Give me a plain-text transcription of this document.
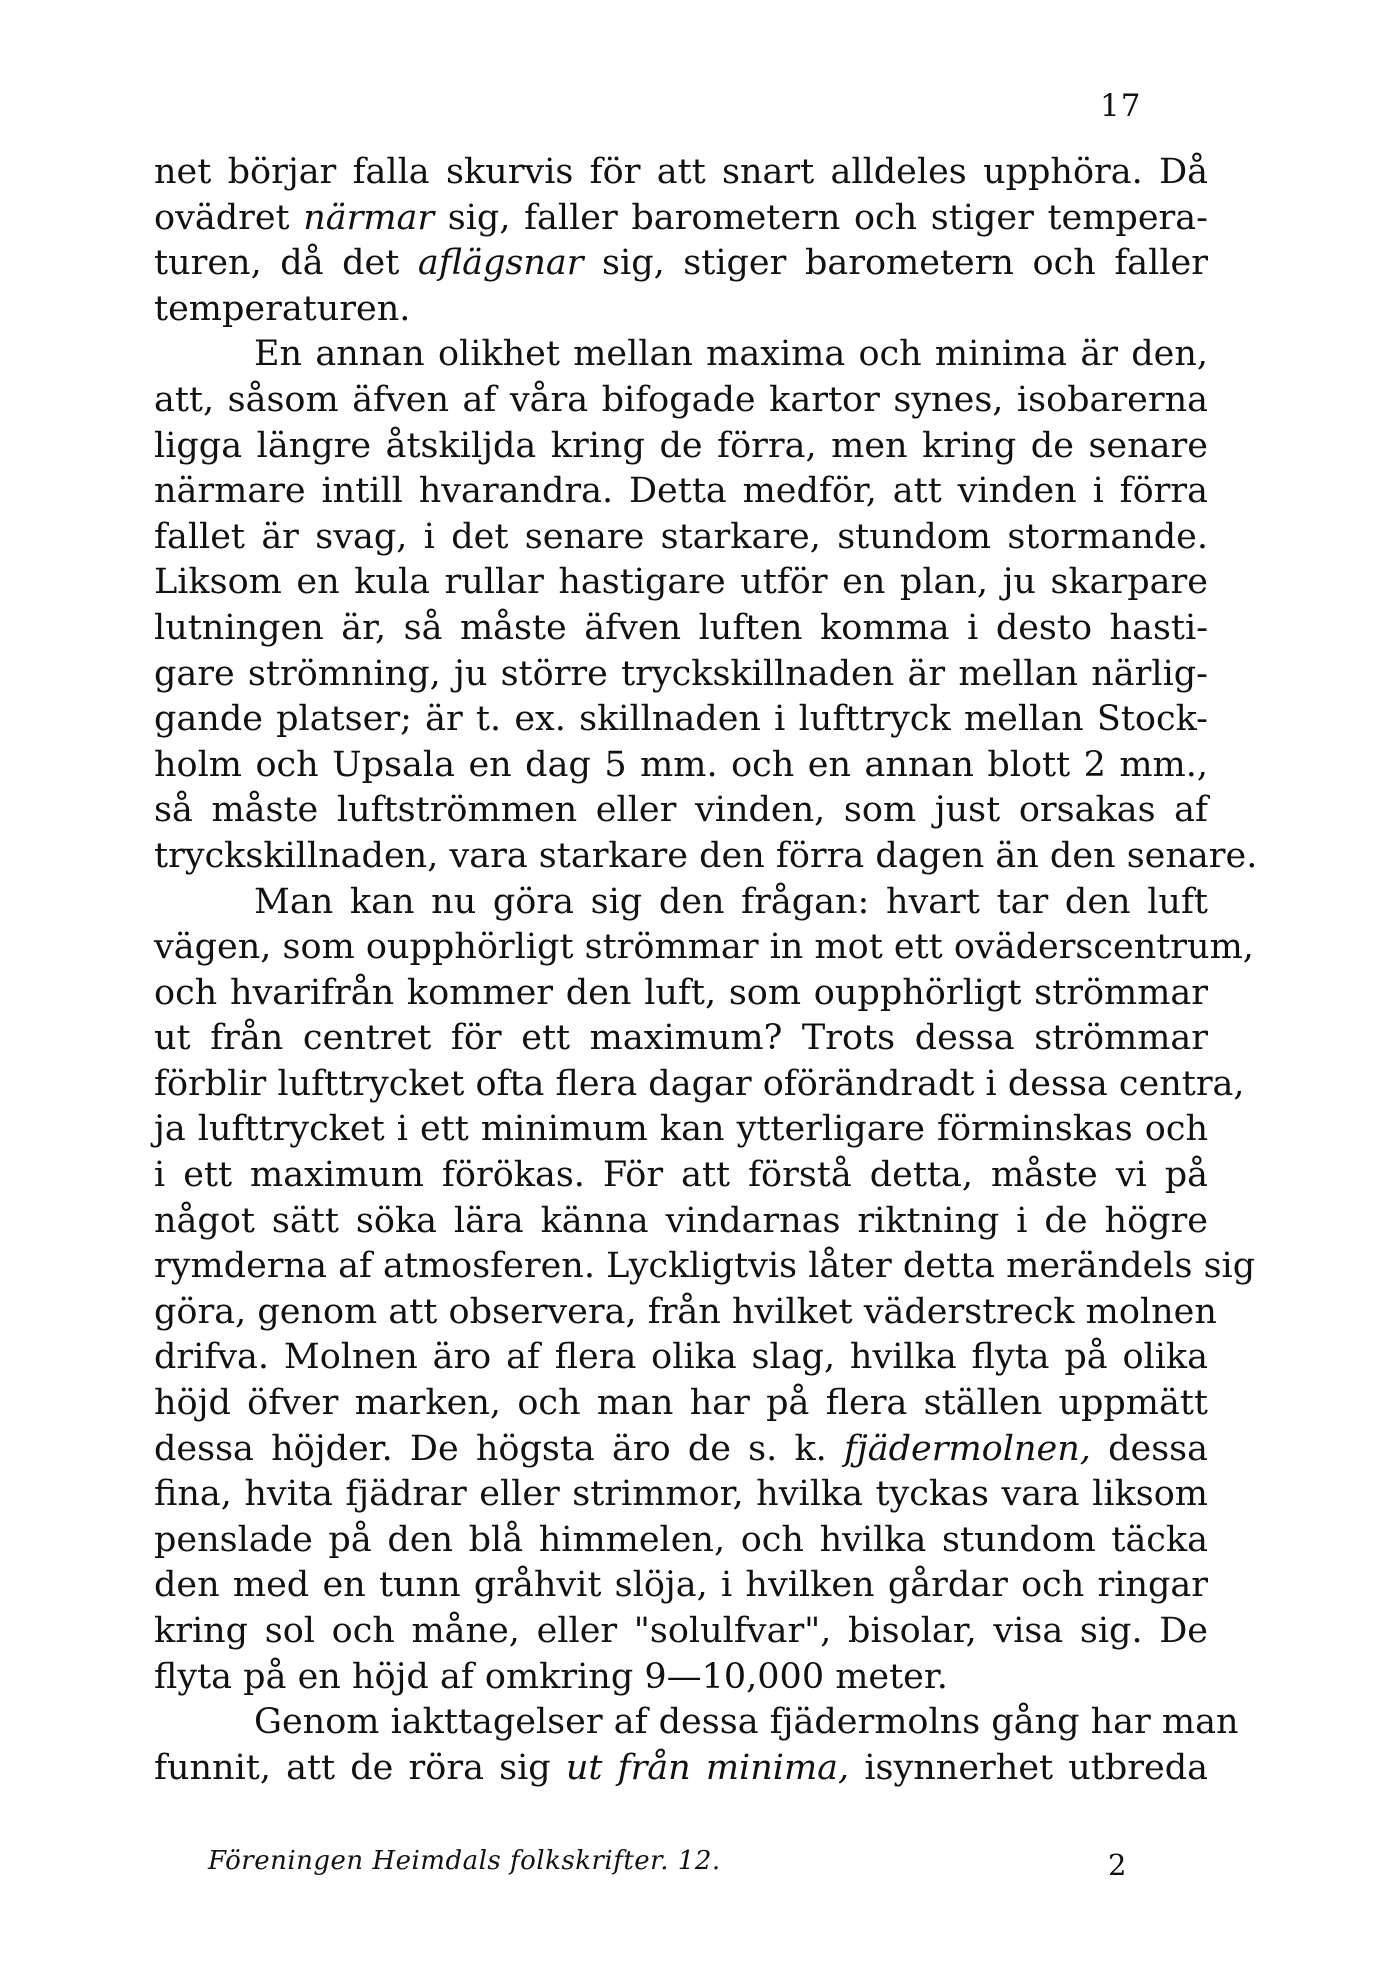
17
net börjar falla skurvis för att snart alldeles upphöra. Då
ovädret närmar sig, faller barometern och stiger tempera-
turen, då det aflägsnar sig, stiger barometern och faller
temperaturen.
En annan olikhet mellan maxima och minima är den,
att, såsom äfven af våra bifogade kartor synes, isobarerna
ligga längre åtskiljda kring de förra, men kring de senare
närmare intill hvarandra. Detta medför, att vinden i förra
fallet är svag, i det senare starkare, stundom stormande.
Liksom en kula rullar hastigare utför en plan, ju skarpare
lutningen är, så måste äfven luften komma i desto hasti-
gare strömning, ju större tryckskillnaden är mellan närlig-
gande platser; är t. ex. skillnaden i lufttryck mellan Stock-
holm och Upsala en dag 5 mm. och en annan blott 2 mm.,
så måste luftströmmen eller vinden, som just orsakas af
tryckskillnaden, vara starkare den förra dagen än den senare.
Man kan nu göra sig den frågan: hvart tar den luft
vägen, som oupphörligt strömmar in mot ett oväderscentrum,
och hvarifrån kommer den luft, som oupphörligt strömmar
ut från centret för ett maximum? Trots dessa strömmar
förblir lufttrycket ofta flera dagar oförändradt i dessa centra,
ja lufttrycket i ett minimum kan ytterligare förminskas och
i ett maximum förökas. För att förstå detta, måste vi på
något sätt söka lära känna vindarnas riktning i de högre
rymderna af atmosferen. Lyckligtvis låter detta merändels sig
göra, genom att observera, från hvilket väderstreck molnen
drifva. Molnen äro af flera olika slag, hvilka flyta på olika
höjd öfver marken, och man har på flera ställen uppmätt
dessa höjder. De högsta äro de s. k. fjädermolnen, dessa
fina, hvita fjädrar eller strimmor, hvilka tyckas vara liksom
penslade på den blå himmelen, och hvilka stundom täcka
den med en tunn gråhvit slöja, i hvilken gårdar och ringar
kring sol och måne, eller "solulfvar", bisolar, visa sig. De
flyta på en höjd af omkring 9—10,000 meter.
Genom iakttagelser af dessa fjädermolns gång har man
funnit, att de röra sig ut från minima, isynnerhet utbreda
Föreningen Heimdals folkskrifter. 12.	2
